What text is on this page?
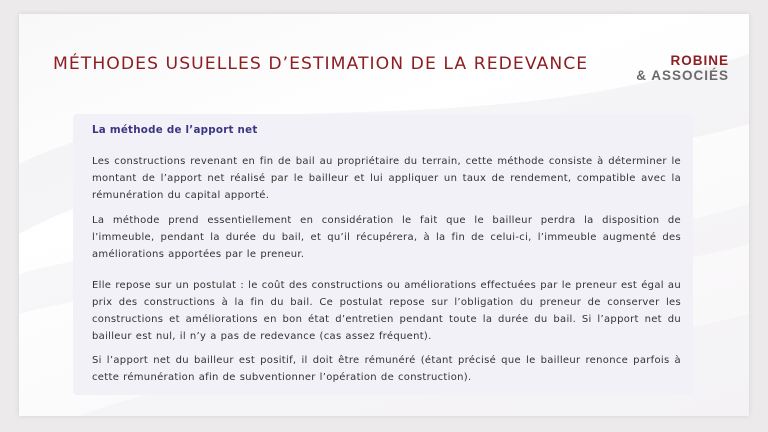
MÉTHODES USUELLES D’ESTIMATION DE LA REDEVANCE	ROBINE
& ASSOCIÉS
La méthode de l’apport net

Les constructions revenant en fin de bail au propriétaire du terrain, cette méthode consiste à déterminer le montant de l’apport net réalisé par le bailleur et lui appliquer un taux de rendement, compatible avec la rémunération du capital apporté.

La méthode prend essentiellement en considération le fait que le bailleur perdra la disposition de l’immeuble, pendant la durée du bail, et qu’il récupérera, à la fin de celui-ci, l’immeuble augmenté des améliorations apportées par le preneur.

Elle repose sur un postulat : le coût des constructions ou améliorations effectuées par le preneur est égal au prix des constructions à la fin du bail. Ce postulat repose sur l’obligation du preneur de conserver les constructions et améliorations en bon état d’entretien pendant toute la durée du bail. Si l’apport net du bailleur est nul, il n’y a pas de redevance (cas assez fréquent).

Si l’apport net du bailleur est positif, il doit être rémunéré (étant précisé que le bailleur renonce parfois à cette rémunération afin de subventionner l’opération de construction).
